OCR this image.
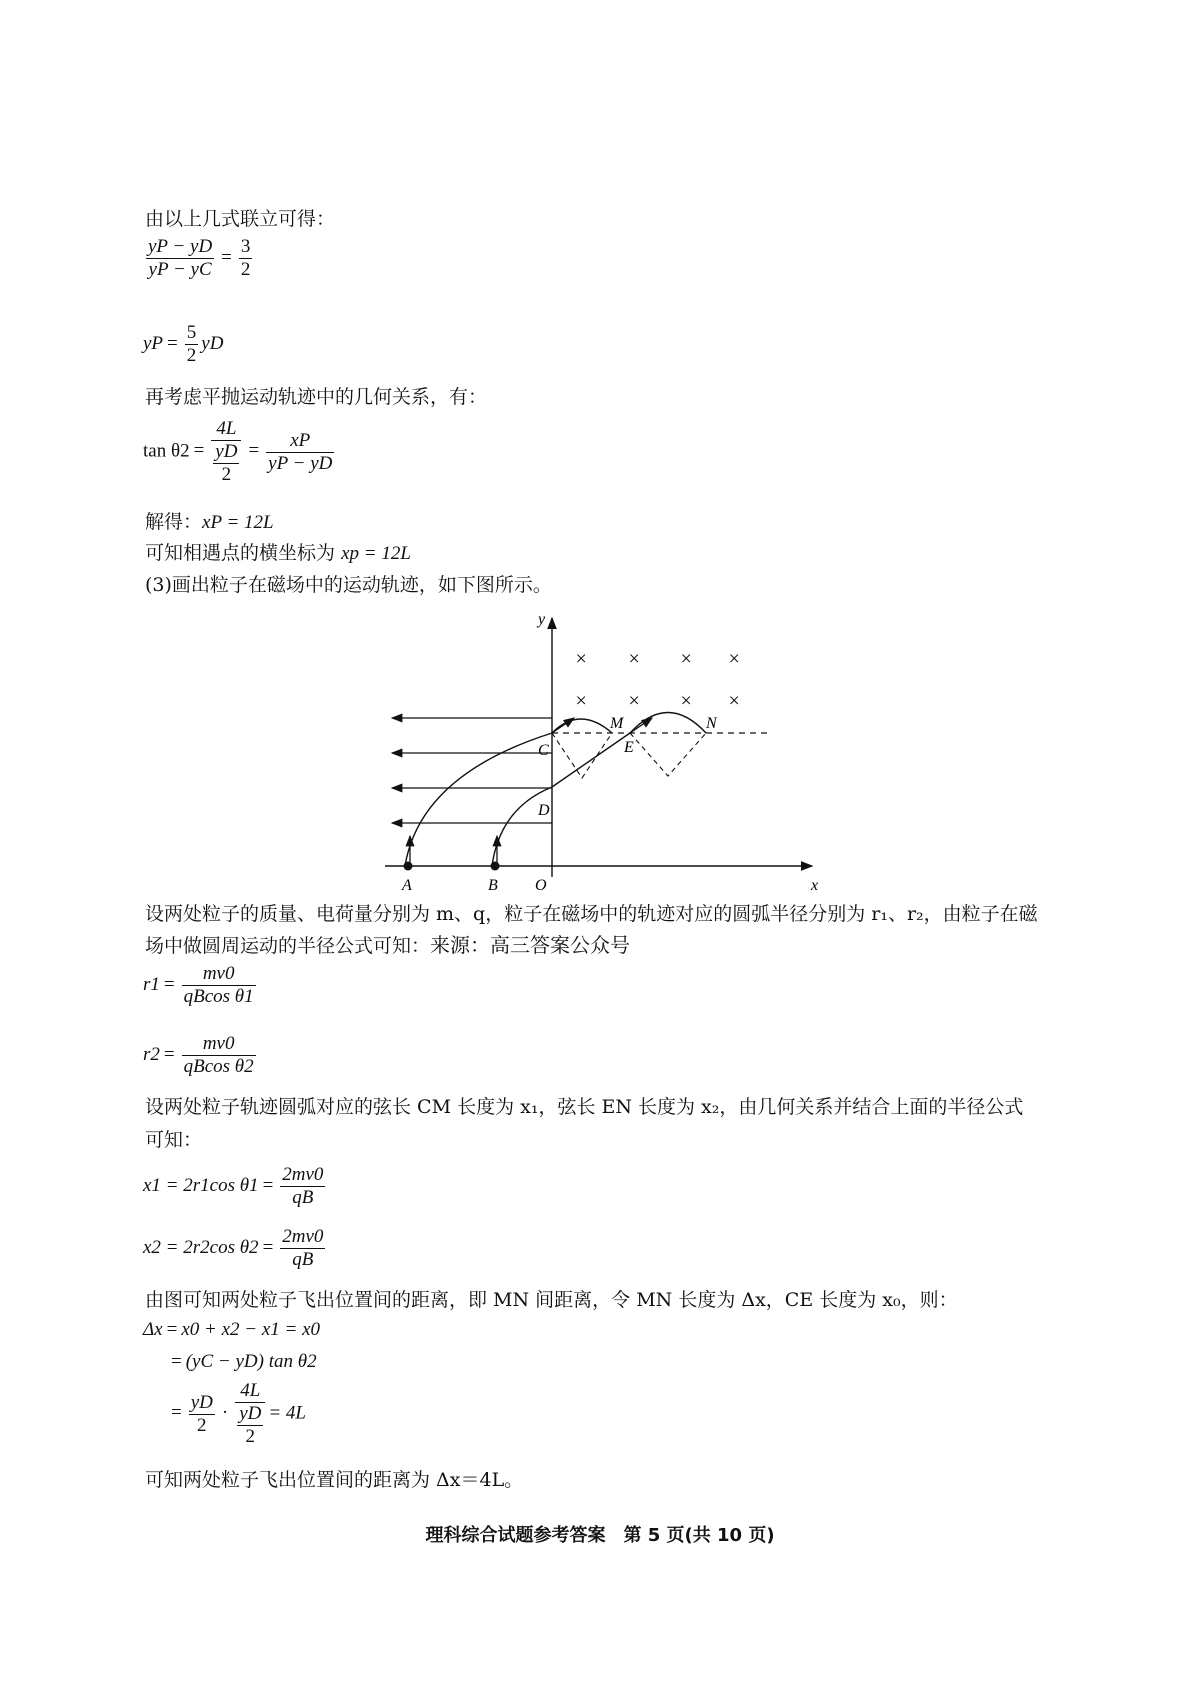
由以上几式联立可得：
$\frac{yP - yD}{yP - yC} = \frac{3}{2}$
yP = $\frac{5}{2}$ yD
再考虑平抛运动轨迹中的几何关系，有：
$\tan \theta 2 = \frac{4L}{\frac{yD}{2}} = \frac{xP}{yP - yD}$
解得：xP = 12L
可知相遇点的横坐标为 xp = 12L
(3)画出粒子在磁场中的运动轨迹，如下图所示。
× × × ×
× × × ×
y
x
A	B O
C
D
E
M	N
设两处粒子的质量、电荷量分别为 m、q，粒子在磁场中的轨迹对应的圆弧半径分别为 r₁、r₂，由粒子在磁
场中做圆周运动的半径公式可知：来源：高三答案公众号
$r1 = \frac{mv0}{\text{qBcos θ1}}$
$r2 = \frac{mv0}{\text{qBcos θ2}}$
设两处粒子轨迹圆弧对应的弦长 CM 长度为 x₁，弦长 EN 长度为 x₂，由几何关系并结合上面的半径公式
可知：
x1 = 2r1cos $\theta 1 = \frac{2mv0}{qB}$
x2 = 2r2cos $\theta 2 = \frac{2mv0}{qB}$
由图可知两处粒子飞出位置间的距离，即 MN 间距离，令 MN 长度为 Δx，CE 长度为 x₀，则：
Δx = x0 + x2 − x1 = x0
= (yC − yD) tan θ2
= $\frac{yD}{2} \cdot \frac{4L}{\frac{yD}{2}} = 4L$
可知两处粒子飞出位置间的距离为 Δx＝4L。
理科综合试题参考答案　第 5 页(共 10 页)
